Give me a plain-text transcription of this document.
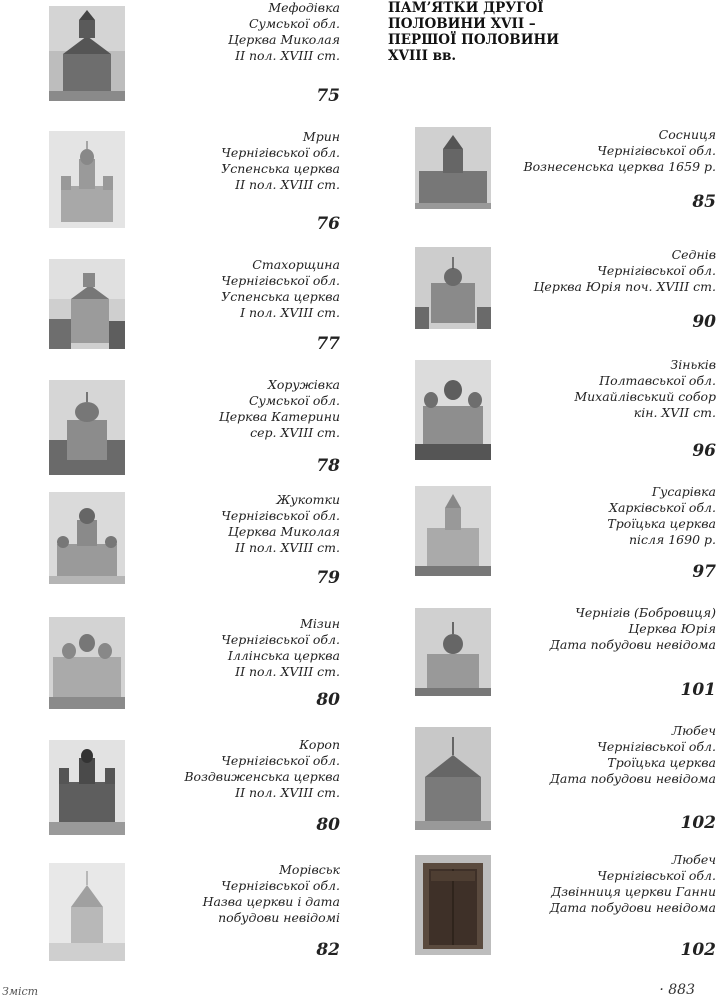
ПАМ’ЯТКИ ДРУГОЇ
ПОЛОВИНИ XVII –
ПЕРШОЇ ПОЛОВИНИ
XVIII вв.
Мефодівка
Сумської обл.
Церква Миколая
II пол. XVIII ст.
75
Мрин
Чернігівської обл.
Успенська церква
II пол. XVIII ст.
76
Стахорщина
Чернігівської обл.
Успенська церква
I пол. XVIII ст.
77
Хоружівка
Сумської обл.
Церква Катерини
сер. XVIII ст.
78
Жукотки
Чернігівської обл.
Церква Миколая
II пол. XVIII ст.
79
Мізин
Чернігівської обл.
Іллінська церква
II пол. XVIII ст.
80
Короп
Чернігівської обл.
Воздвиженська церква
II пол. XVIII ст.
80
Морівськ
Чернігівської обл.
Назва церкви і дата
побудови невідомі
82
Сосниця
Чернігівської обл.
Вознесенська церква 1659 р.
85
Седнів
Чернігівської обл.
Церква Юрія поч. XVIII ст.
90
Зіньків
Полтавської обл.
Михайлівський собор
кін. XVII ст.
96
Гусарівка
Харківської обл.
Троїцька церква
після 1690 р.
97
Чернігів (Бобровиця)
Церква Юрія
Дата побудови невідома
101
Любеч
Чернігівської обл.
Троїцька церква
Дата побудови невідома
102
Любеч
Чернігівської обл.
Дзвінниця церкви Ганни
Дата побудови невідома
102
Зміст	· 883
